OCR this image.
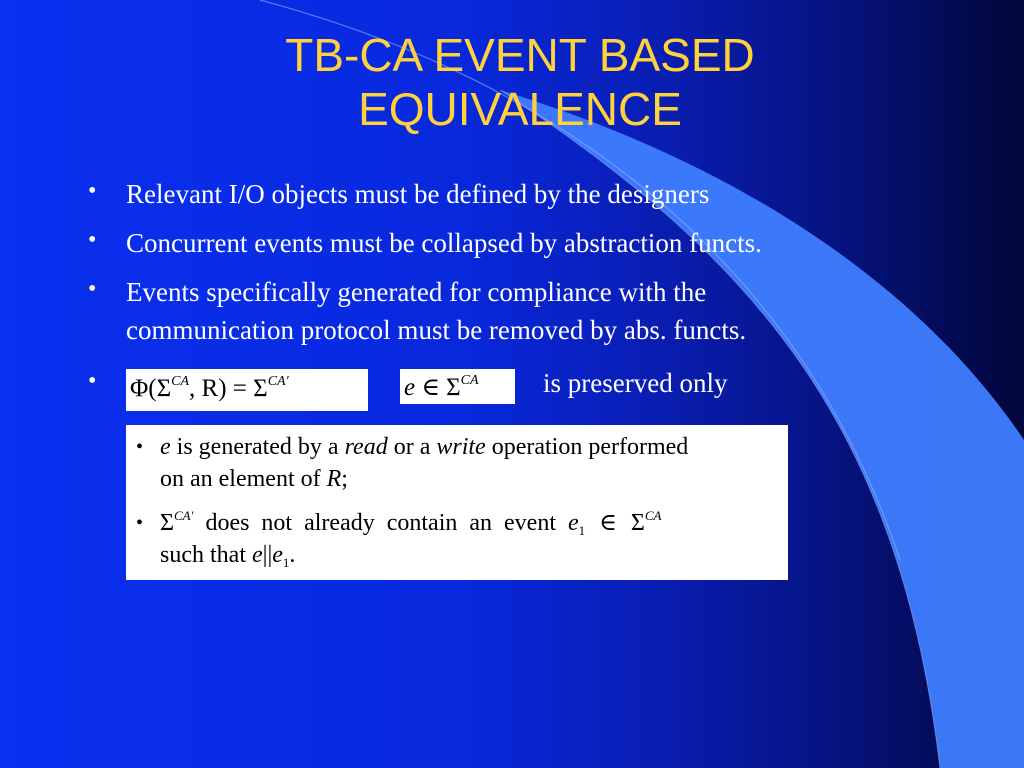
TB-CA EVENT BASED
EQUIVALENCE
• Relevant I/O objects must be defined by the designers
• Concurrent events must be collapsed by abstraction functs.
• Events specifically generated for compliance with the
communication protocol must be removed by abs. functs.
• $\Phi(\Sigma^{CA}$, $R) = \Sigma^{CA'}$	e ∈ $\Sigma^{CA}$ is preserved only
• e is generated by a read or a write operation performed
on an element of R;
• $\Sigma^{CA'}$ does not already contain an event $e_1$ ∈ $\Sigma^{CA}$
such that $e||e_1$.
